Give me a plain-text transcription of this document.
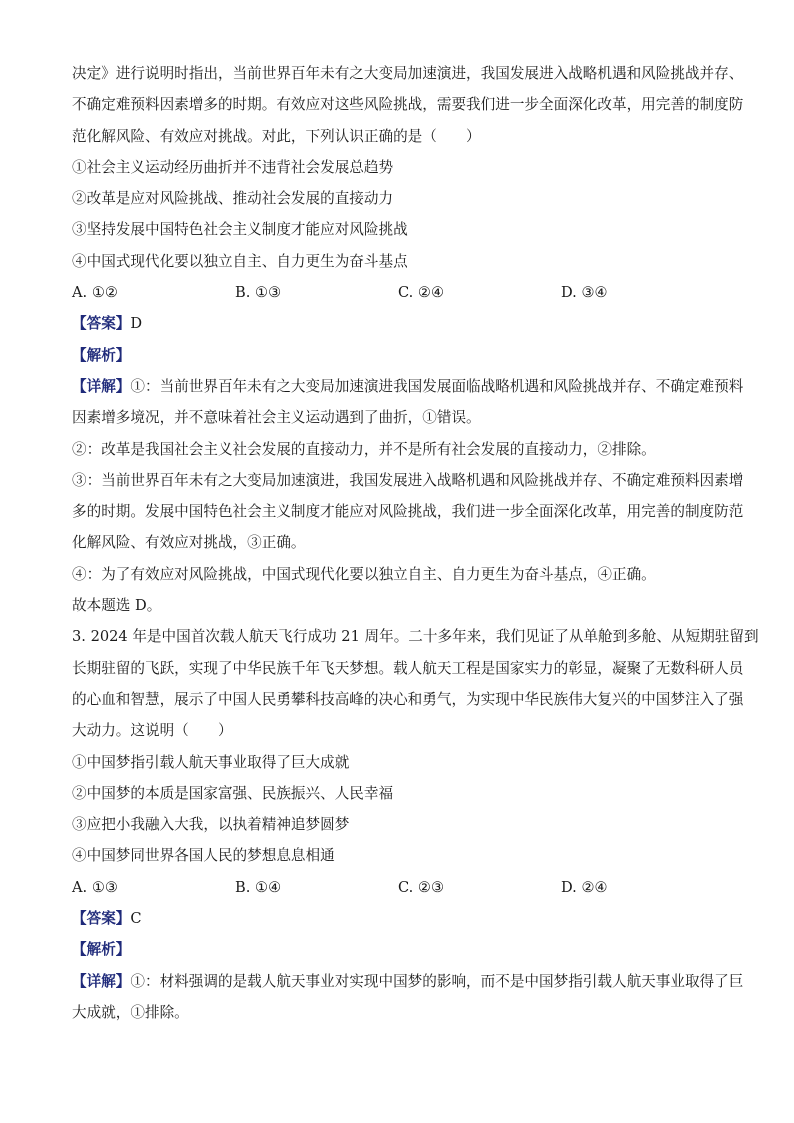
决定》进行说明时指出，当前世界百年未有之大变局加速演进，我国发展进入战略机遇和风险挑战并存、
不确定难预料因素增多的时期。有效应对这些风险挑战，需要我们进一步全面深化改革，用完善的制度防
范化解风险、有效应对挑战。对此，下列认识正确的是（　　）
①社会主义运动经历曲折并不违背社会发展总趋势
②改革是应对风险挑战、推动社会发展的直接动力
③坚持发展中国特色社会主义制度才能应对风险挑战
④中国式现代化要以独立自主、自力更生为奋斗基点
A. ①②	B. ①③	C. ②④	D. ③④
【答案】D
【解析】
【详解】①：当前世界百年未有之大变局加速演进我国发展面临战略机遇和风险挑战并存、不确定难预料
因素增多境况，并不意味着社会主义运动遇到了曲折，①错误。
②：改革是我国社会主义社会发展的直接动力，并不是所有社会发展的直接动力，②排除。
③：当前世界百年未有之大变局加速演进，我国发展进入战略机遇和风险挑战并存、不确定难预料因素增
多的时期。发展中国特色社会主义制度才能应对风险挑战，我们进一步全面深化改革，用完善的制度防范
化解风险、有效应对挑战，③正确。
④：为了有效应对风险挑战，中国式现代化要以独立自主、自力更生为奋斗基点，④正确。
故本题选 D。
3. 2024 年是中国首次载人航天飞行成功 21 周年。二十多年来，我们见证了从单舱到多舱、从短期驻留到
长期驻留的飞跃，实现了中华民族千年飞天梦想。载人航天工程是国家实力的彰显，凝聚了无数科研人员
的心血和智慧，展示了中国人民勇攀科技高峰的决心和勇气，为实现中华民族伟大复兴的中国梦注入了强
大动力。这说明（　　）
①中国梦指引载人航天事业取得了巨大成就
②中国梦的本质是国家富强、民族振兴、人民幸福
③应把小我融入大我，以执着精神追梦圆梦
④中国梦同世界各国人民的梦想息息相通
A. ①③	B. ①④	C. ②③	D. ②④
【答案】C
【解析】
【详解】①：材料强调的是载人航天事业对实现中国梦的影响，而不是中国梦指引载人航天事业取得了巨
大成就，①排除。
